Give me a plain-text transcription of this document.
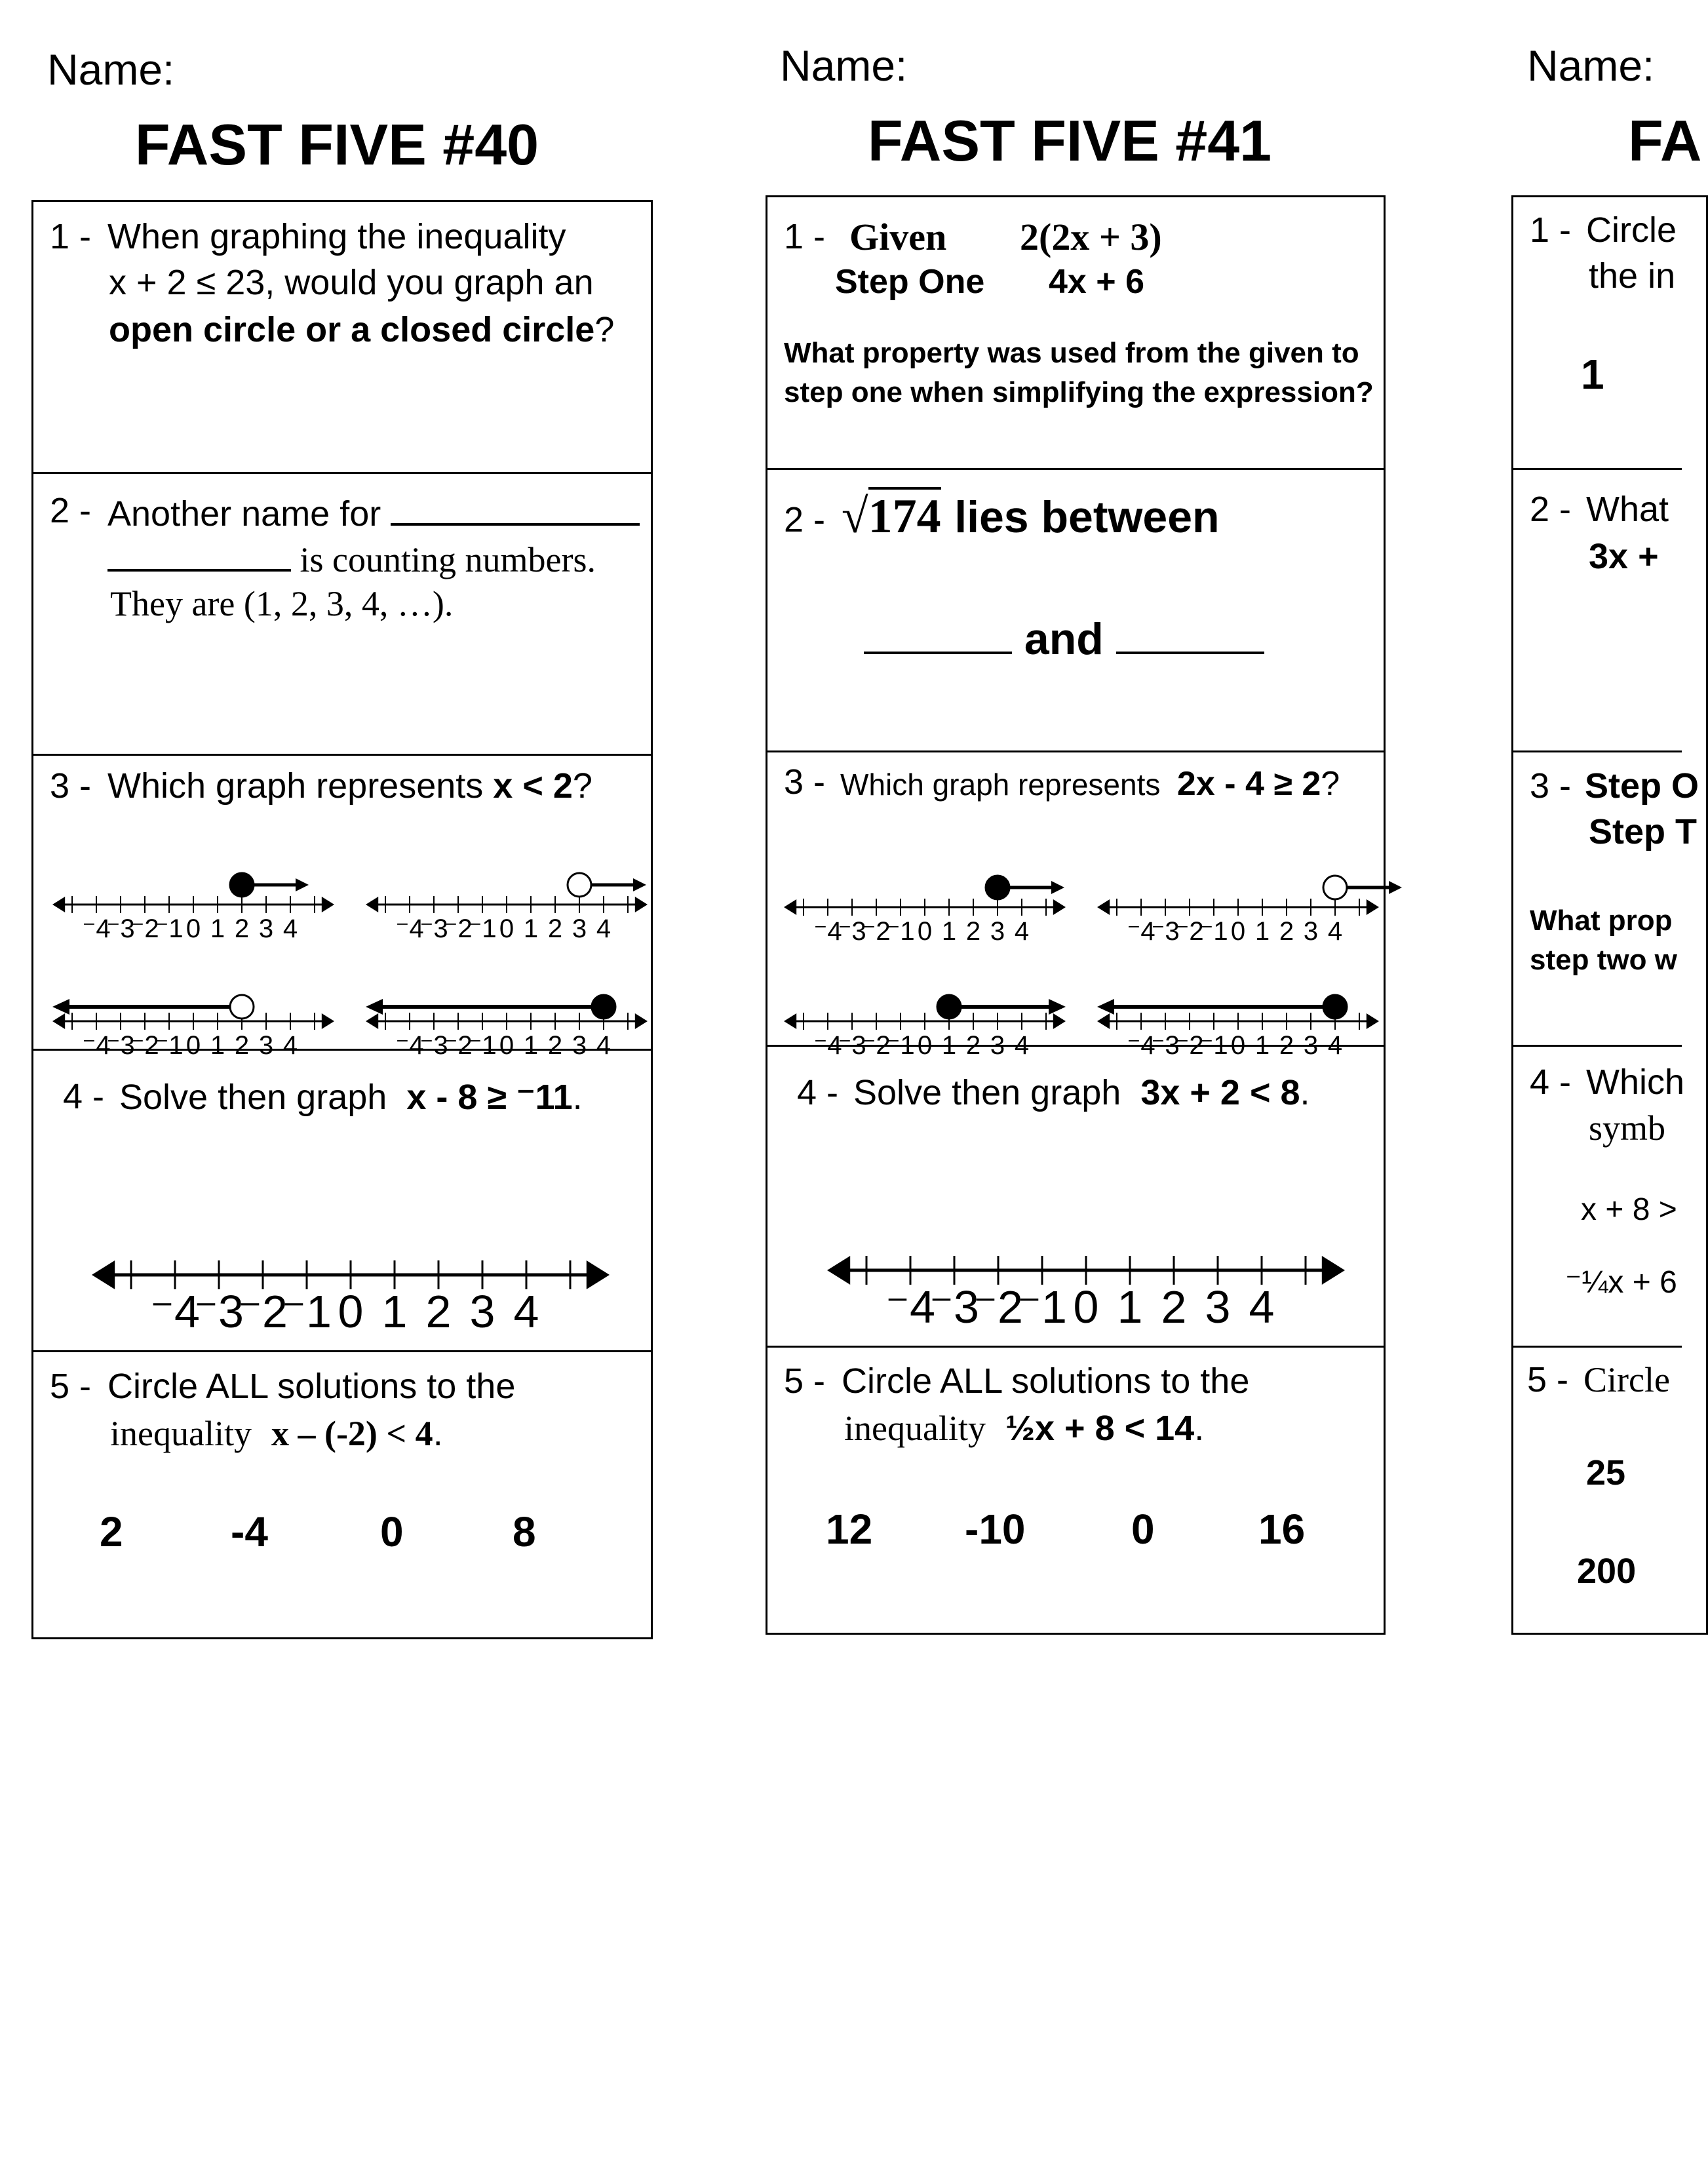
Name:
FAST FIVE #40
1 - When graphing the inequality
x + 2 ≤ 23, would you graph an
open circle or a closed circle?
2 - Another name for
is counting numbers.
They are (1, 2, 3, 4, …).
3 - Which graph represents x < 2?
⁻4
⁻3
⁻2
⁻1 0 1 2 3 4	⁻4
⁻3
⁻2
⁻1 0 1 2 3 4
⁻4
⁻3
⁻2
⁻1 0 1 2 3 4	⁻4
⁻3
⁻2
⁻1 0 1 2 3 4
4 - Solve then graph x - 8 ≥ ⁻11.
⁻4
⁻3
⁻2
⁻1 0 1 2 3 4
5 - Circle ALL solutions to the
inequality x – (-2) < 4.
2	-4	0	8
Name:
FAST FIVE #41
1 - Given 2(2x + 3)
Step One 4x + 6
What property was used from the given to
step one when simplifying the expression?
2 - √174 lies between
and
3 - Which graph represents 2x - 4 ≥ 2?
⁻4
⁻3
⁻2
⁻1 0 1 2 3 4	⁻4
⁻3
⁻2
⁻1 0 1 2 3 4
⁻4
⁻3
⁻2
⁻1 0 1 2 3 4	⁻4
⁻3
⁻2
⁻1 0 1 2 3 4
4 - Solve then graph 3x + 2 < 8.
⁻4
⁻3
⁻2
⁻1 0 1 2 3 4
5 - Circle ALL solutions to the
inequality ½x + 8 < 14.
12 -10	0 16
Name:
FA
1 - Circle
the in
1
2 - What
3x +
3 - Step O
Step T
What prop
step two w
4 - Which
symb
x + 8 >
⁻¼x + 6
5 - Circle
25
200
